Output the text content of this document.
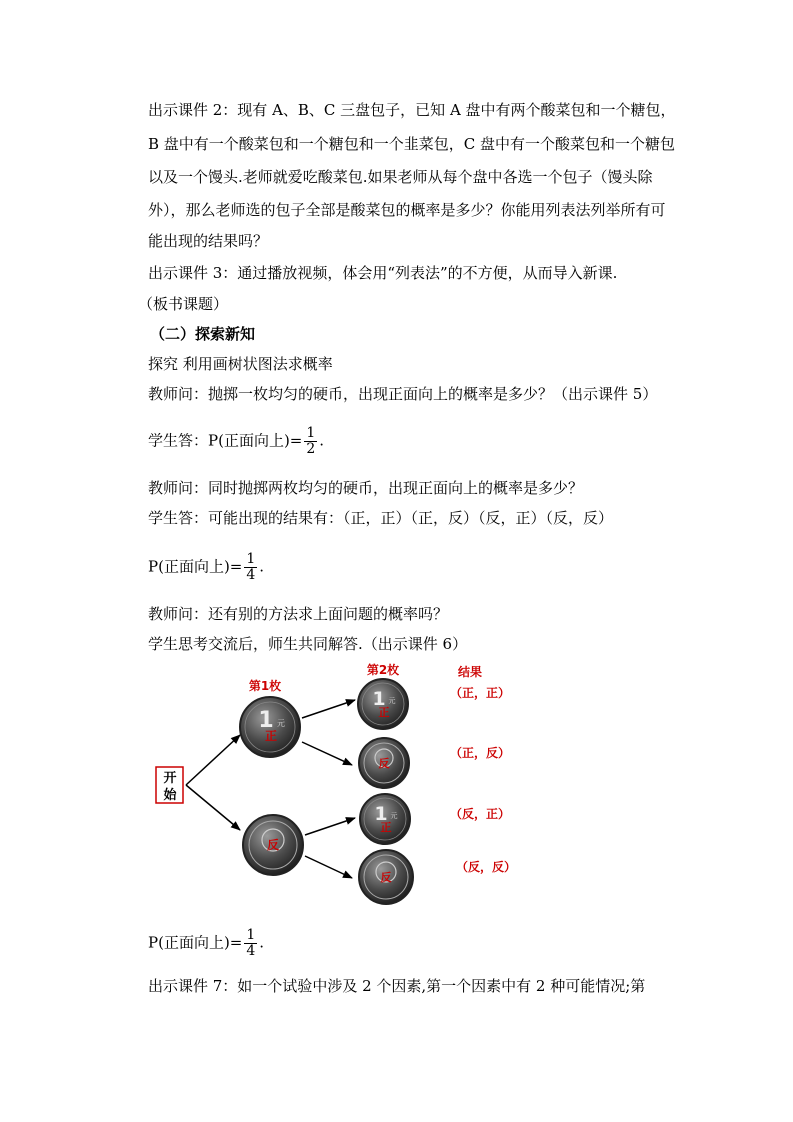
出示课件 2：现有 A、B、C 三盘包子，已知 A 盘中有两个酸菜包和一个糖包，
B 盘中有一个酸菜包和一个糖包和一个韭菜包，C 盘中有一个酸菜包和一个糖包
以及一个馒头.老师就爱吃酸菜包.如果老师从每个盘中各选一个包子（馒头除
外），那么老师选的包子全部是酸菜包的概率是多少？你能用列表法列举所有可
能出现的结果吗？
出示课件 3：通过播放视频，体会用“列表法”的不方便，从而导入新课.
（板书课题）
（二）探索新知
探究 利用画树状图法求概率
教师问：抛掷一枚均匀的硬币，出现正面向上的概率是多少？（出示课件 5）
学生答：P(正面向上)= $\frac{1}{2}$ .
教师问：同时抛掷两枚均匀的硬币，出现正面向上的概率是多少？
学生答：可能出现的结果有：（正，正）（正，反）（反，正）（反，反）
P(正面向上)= $\frac{1}{4}$ .
教师问：还有别的方法求上面问题的概率吗？
学生思考交流后，师生共同解答.（出示课件 6）
第1枚
第2枚	结果
开
始
1 元
正
反
1 元
正
反
1 元
正
反
（正，正）
（正，反）
（反，正）
（反，反）
P(正面向上)= $\frac{1}{4}$ .
出示课件 7：如一个试验中涉及 2 个因素,第一个因素中有 2 种可能情况;第
